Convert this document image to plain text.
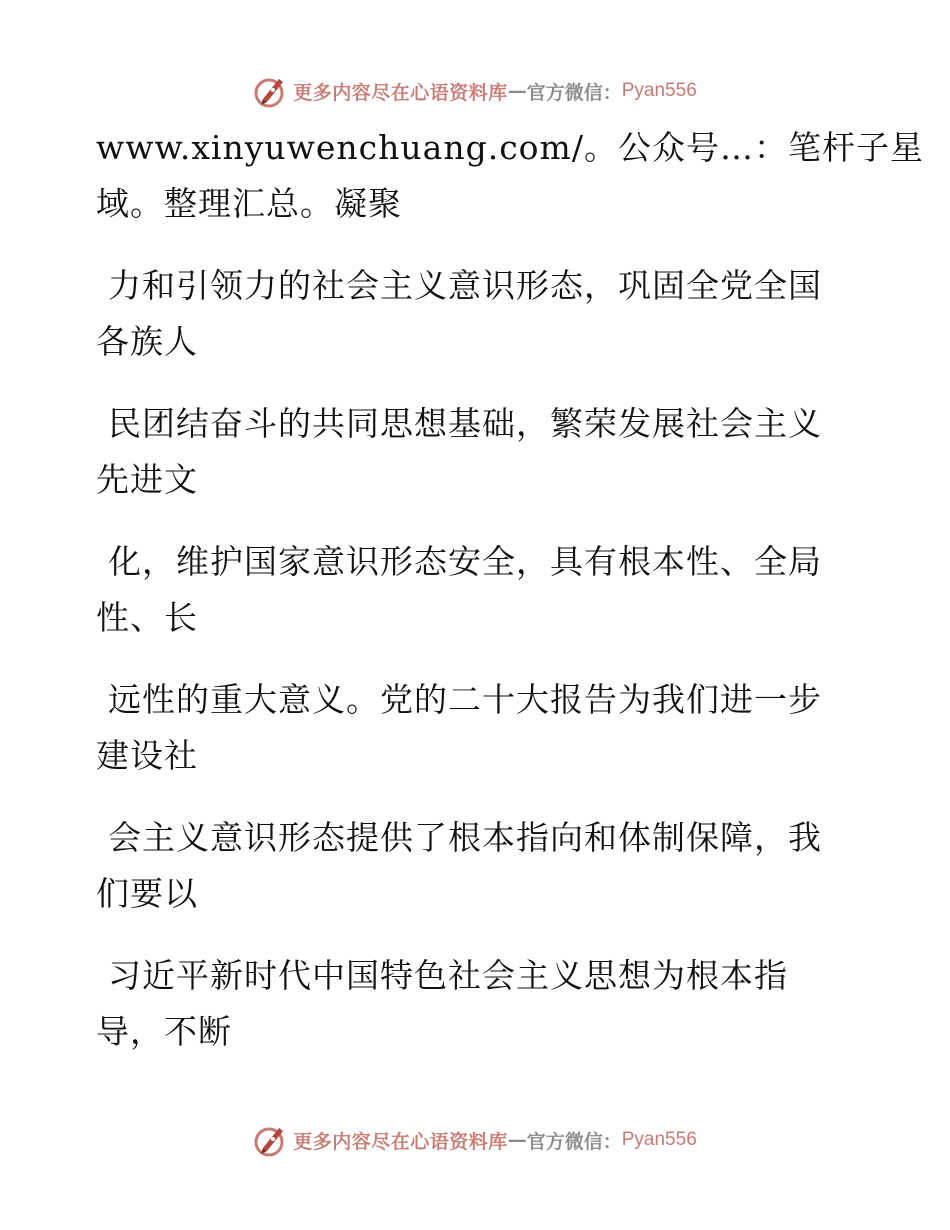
更多内容尽在心语资料库 — 官方微信： Pyan556

www.xinyuwenchuang.com/。公众号…：笔杆子星
域。整理汇总。凝聚

力和引领力的社会主义意识形态，巩固全党全国
各族人

民团结奋斗的共同思想基础，繁荣发展社会主义
先进文

化，维护国家意识形态安全，具有根本性、全局
性、长

远性的重大意义。党的二十大报告为我们进一步
建设社

会主义意识形态提供了根本指向和体制保障，我
们要以

习近平新时代中国特色社会主义思想为根本指
导，不断

更多内容尽在心语资料库 — 官方微信： Pyan556
